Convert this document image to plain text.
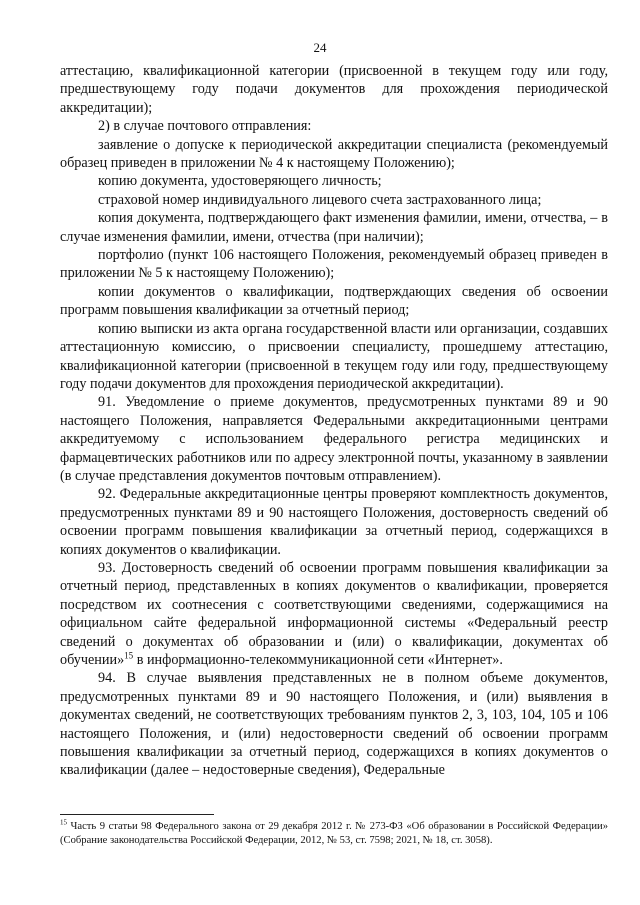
24

аттестацию, квалификационной категории (присвоенной в текущем году или году, предшествующему году подачи документов для прохождения периодической аккредитации);

2) в случае почтового отправления:

заявление о допуске к периодической аккредитации специалиста (рекомендуемый образец приведен в приложении № 4 к настоящему Положению);

копию документа, удостоверяющего личность;

страховой номер индивидуального лицевого счета застрахованного лица;

копия документа, подтверждающего факт изменения фамилии, имени, отчества, – в случае изменения фамилии, имени, отчества (при наличии);

портфолио (пункт 106 настоящего Положения, рекомендуемый образец приведен в приложении № 5 к настоящему Положению);

копии документов о квалификации, подтверждающих сведения об освоении программ повышения квалификации за отчетный период;

копию выписки из акта органа государственной власти или организации, создавших аттестационную комиссию, о присвоении специалисту, прошедшему аттестацию, квалификационной категории (присвоенной в текущем году или году, предшествующему году подачи документов для прохождения периодической аккредитации).

91. Уведомление о приеме документов, предусмотренных пунктами 89 и 90 настоящего Положения, направляется Федеральными аккредитационными центрами аккредитуемому с использованием федерального регистра медицинских и фармацевтических работников или по адресу электронной почты, указанному в заявлении (в случае представления документов почтовым отправлением).

92. Федеральные аккредитационные центры проверяют комплектность документов, предусмотренных пунктами 89 и 90 настоящего Положения, достоверность сведений об освоении программ повышения квалификации за отчетный период, содержащихся в копиях документов о квалификации.

93. Достоверность сведений об освоении программ повышения квалификации за отчетный период, представленных в копиях документов о квалификации, проверяется посредством их соотнесения с соответствующими сведениями, содержащимися на официальном сайте федеральной информационной системы «Федеральный реестр сведений о документах об образовании и (или) о квалификации, документах об обучении»$^{15}$ в информационно-телекоммуникационной сети «Интернет».

94. В случае выявления представленных не в полном объеме документов, предусмотренных пунктами 89 и 90 настоящего Положения, и (или) выявления в документах сведений, не соответствующих требованиям пунктов 2, 3, 103, 104, 105 и 106 настоящего Положения, и (или) недостоверности сведений об освоении программ повышения квалификации за отчетный период, содержащихся в копиях документов о квалификации (далее – недостоверные сведения), Федеральные

$^{15}$ Часть 9 статьи 98 Федерального закона от 29 декабря 2012 г. № 273-ФЗ «Об образовании в Российской Федерации» (Собрание законодательства Российской Федерации, 2012, № 53, ст. 7598; 2021, № 18, ст. 3058).
